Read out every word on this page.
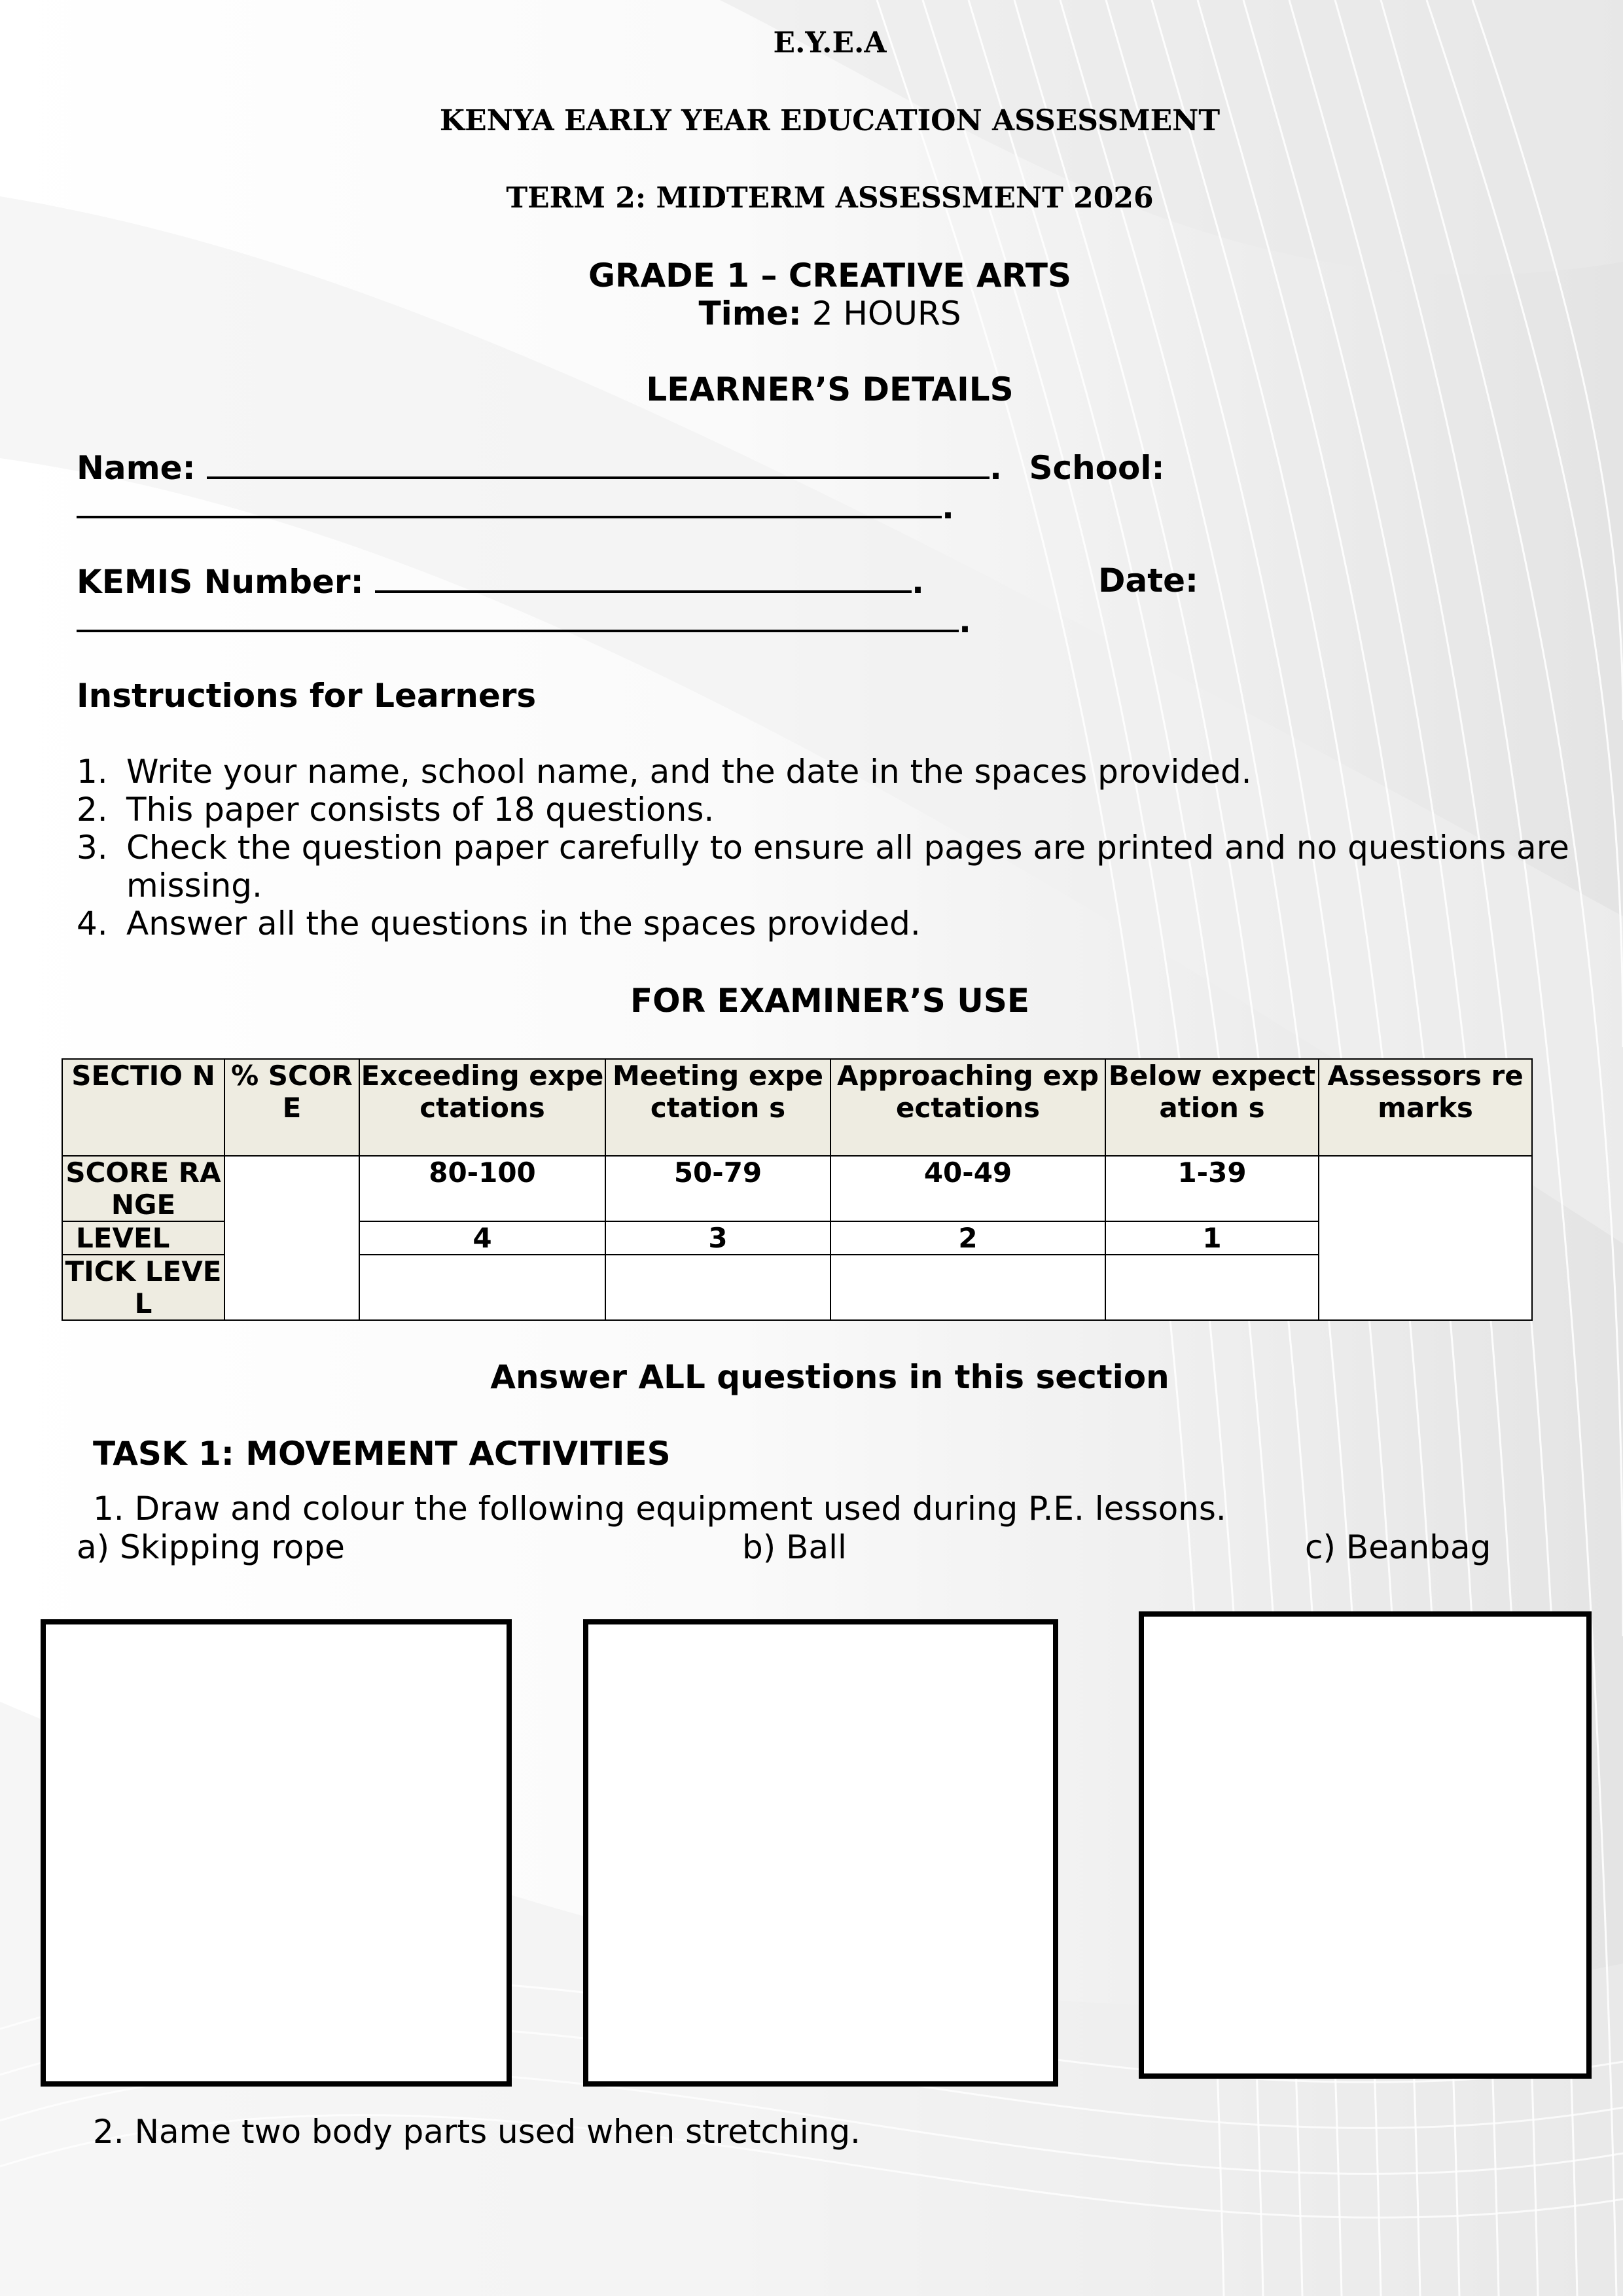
E.Y.E.A
KENYA EARLY YEAR EDUCATION ASSESSMENT
TERM 2: MIDTERM ASSESSMENT 2026
GRADE 1 – CREATIVE ARTS
Time: 2 HOURS
LEARNER’S DETAILS
Name:	. School:
.
KEMIS Number:	.	Date:
.
Instructions for Learners
1. Write your name, school name, and the date in the spaces provided.
2. This paper consists of 18 questions.
3. Check the question paper carefully to ensure all pages are printed and no questions are
missing.
4. Answer all the questions in the spaces provided.
FOR EXAMINER’S USE
SECTIO N	% SCORE	Exceeding expectations	Meeting expectation s	Approaching expectations	Below expectation s	Assessors remarks
SCORE RANGE		80-100	50-79	40-49	1-39	
LEVEL		4	3	2	1	
TICK LEVEL						
Answer ALL questions in this section
TASK 1: MOVEMENT ACTIVITIES
1. Draw and colour the following equipment used during P.E. lessons.
a) Skipping rope	b) Ball	c) Beanbag
2. Name two body parts used when stretching.
